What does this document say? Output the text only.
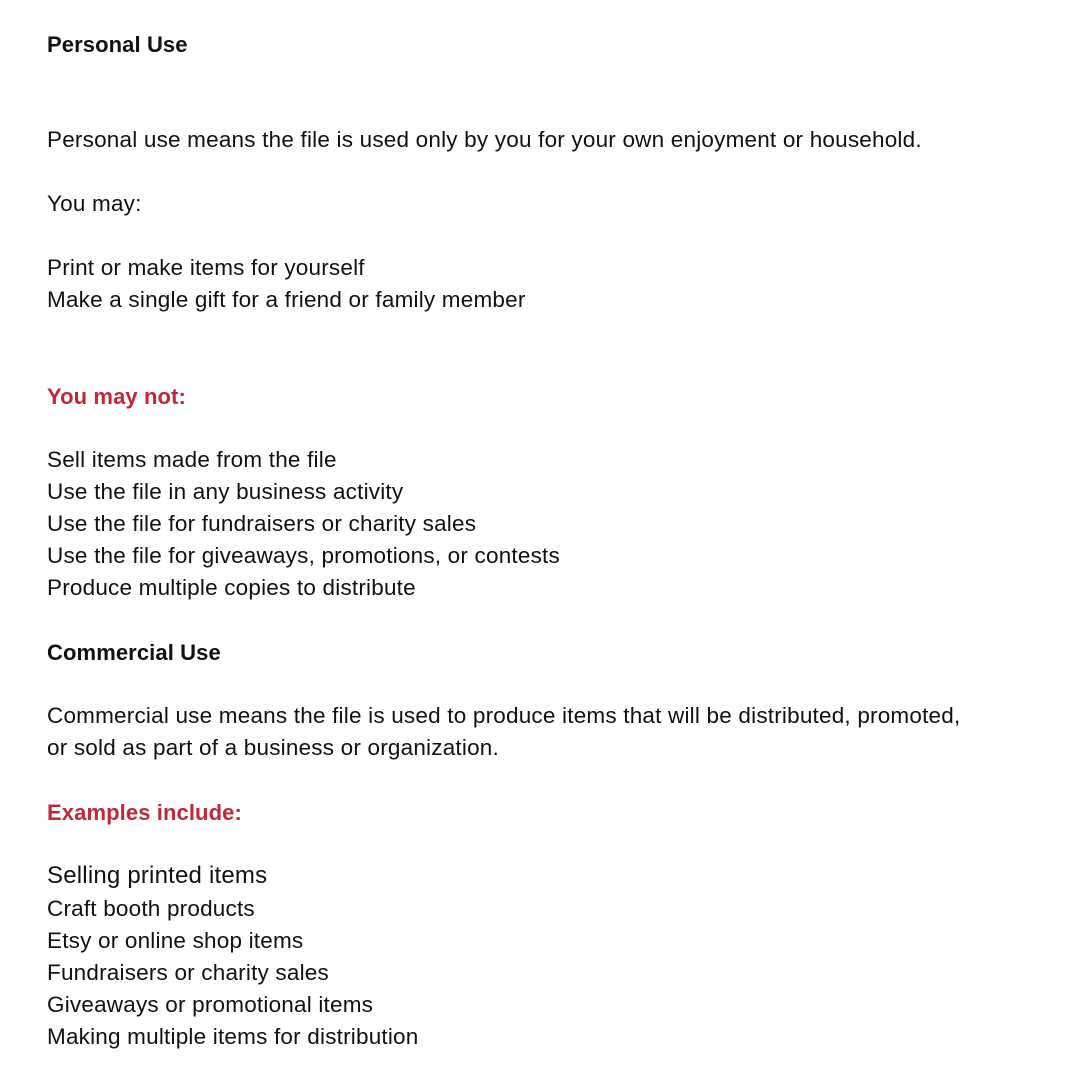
Personal Use

Personal use means the file is used only by you for your own enjoyment or household.

You may:

Print or make items for yourself
Make a single gift for a friend or family member
You may not:
Sell items made from the file
Use the file in any business activity
Use the file for fundraisers or charity sales
Use the file for giveaways, promotions, or contests
Produce multiple copies to distribute
Commercial Use

Commercial use means the file is used to produce items that will be distributed, promoted,

or sold as part of a business or organization.

Examples include:
Selling printed items
Craft booth products
Etsy or online shop items
Fundraisers or charity sales
Giveaways or promotional items
Making multiple items for distribution
